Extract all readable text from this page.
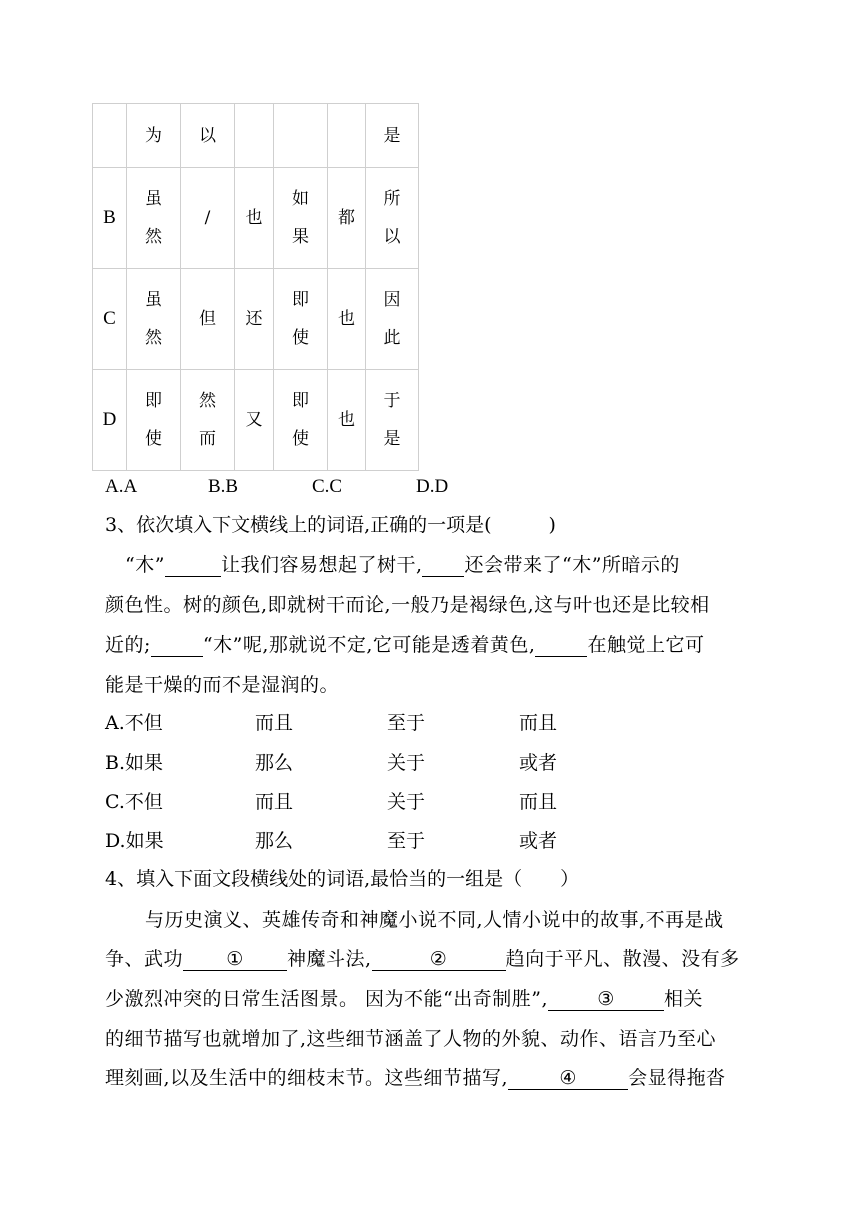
	为	以				是
B	虽然	/	也	如果	都	所以
C	虽然	但	还	即使	也	因此
D	即使	然而	又	即使	也	于是
A.A	B.B	C.C	D.D
3、依次填入下文横线上的词语,正确的一项是(　　　)
“木”	让我们容易想起了树干, 还会带来了“木”所暗示的
颜色性。树的颜色,即就树干而论,一般乃是褐绿色,这与叶也还是比较相
近的;	“木”呢,那就说不定,它可能是透着黄色,	在触觉上它可
能是干燥的而不是湿润的。
A.不但	而且	至于	而且
B.如果	那么	关于	或者
C.不但	而且	关于	而且
D.如果	那么	至于	或者
4、填入下面文段横线处的词语,最恰当的一组是（　　）
与历史演义、英雄传奇和神魔小说不同,人情小说中的故事,不再是战
争、武功 ① 神魔斗法,	②	趋向于平凡、散漫、没有多
少激烈冲突的日常生活图景。 因为不能“出奇制胜”,	③	相关
的细节描写也就增加了,这些细节涵盖了人物的外貌、动作、语言乃至心
理刻画,以及生活中的细枝末节。这些细节描写,	④	会显得拖沓
